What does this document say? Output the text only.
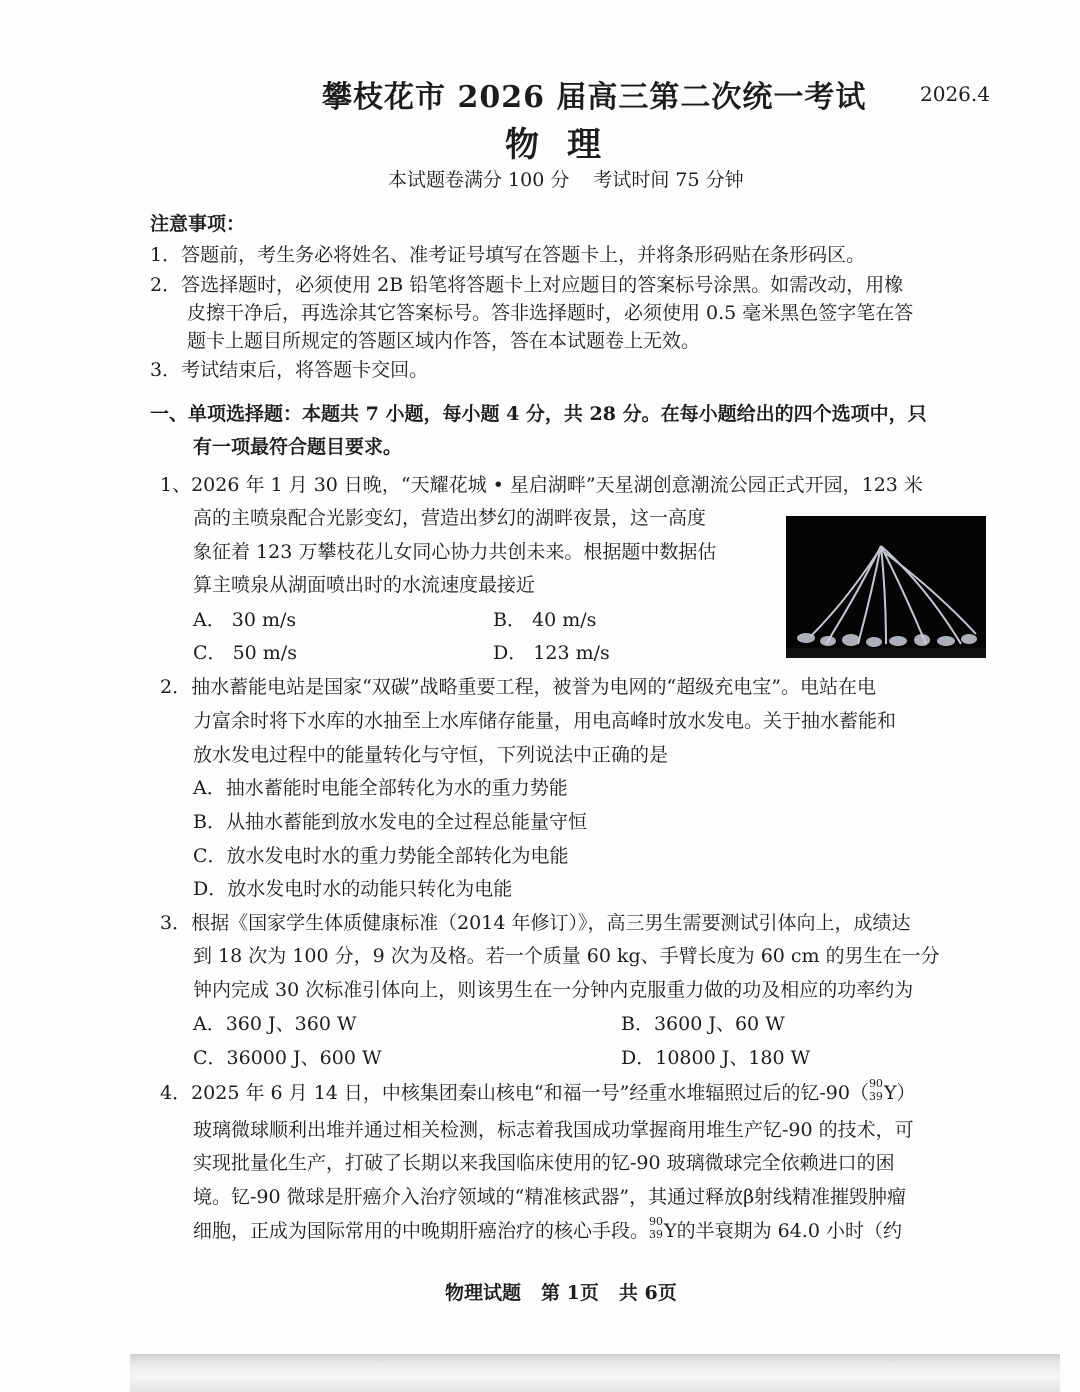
攀枝花市 2026 届高三第二次统一考试	2026.4
物理
本试题卷满分 100 分 考试时间 75 分钟
注意事项：
1．答题前，考生务必将姓名、准考证号填写在答题卡上，并将条形码贴在条形码区。
2．答选择题时，必须使用 2B 铅笔将答题卡上对应题目的答案标号涂黑。如需改动，用橡
皮擦干净后，再选涂其它答案标号。答非选择题时，必须使用 0.5 毫米黑色签字笔在答
题卡上题目所规定的答题区域内作答，答在本试题卷上无效。
3．考试结束后，将答题卡交回。
一、单项选择题：本题共 7 小题，每小题 4 分，共 28 分。在每小题给出的四个选项中，只
有一项最符合题目要求。
1、2026 年 1 月 30 日晚，“天耀花城 • 星启湖畔”天星湖创意潮流公园正式开园，123 米
高的主喷泉配合光影变幻，营造出梦幻的湖畔夜景，这一高度
象征着 123 万攀枝花儿女同心协力共创未来。根据题中数据估
算主喷泉从湖面喷出时的水流速度最接近
A． 30 m/s	B． 40 m/s
C． 50 m/s	D． 123 m/s
2．抽水蓄能电站是国家“双碳”战略重要工程，被誉为电网的“超级充电宝”。电站在电
力富余时将下水库的水抽至上水库储存能量，用电高峰时放水发电。关于抽水蓄能和
放水发电过程中的能量转化与守恒，下列说法中正确的是
A．抽水蓄能时电能全部转化为水的重力势能
B．从抽水蓄能到放水发电的全过程总能量守恒
C．放水发电时水的重力势能全部转化为电能
D．放水发电时水的动能只转化为电能
3．根据《国家学生体质健康标准（2014 年修订）》，高三男生需要测试引体向上，成绩达
到 18 次为 100 分，9 次为及格。若一个质量 60 kg、手臂长度为 60 cm 的男生在一分
钟内完成 30 次标准引体向上，则该男生在一分钟内克服重力做的功及相应的功率约为
A．360 J、360 W	B．3600 J、60 W
C．36000 J、600 W	D．10800 J、180 W
4．2025 年 6 月 14 日，中核集团秦山核电“和福一号”经重水堆辐照过后的钇-90（ 90
39 Y）
玻璃微球顺利出堆并通过相关检测，标志着我国成功掌握商用堆生产钇-90 的技术，可
实现批量化生产，打破了长期以来我国临床使用的钇-90 玻璃微球完全依赖进口的困
境。钇-90 微球是肝癌介入治疗领域的“精准核武器”，其通过释放β射线精准摧毁肿瘤
细胞，正成为国际常用的中晚期肝癌治疗的核心手段。 90
39 Y的半衰期为 64.0 小时（约
物理试题 第 1页 共 6页
